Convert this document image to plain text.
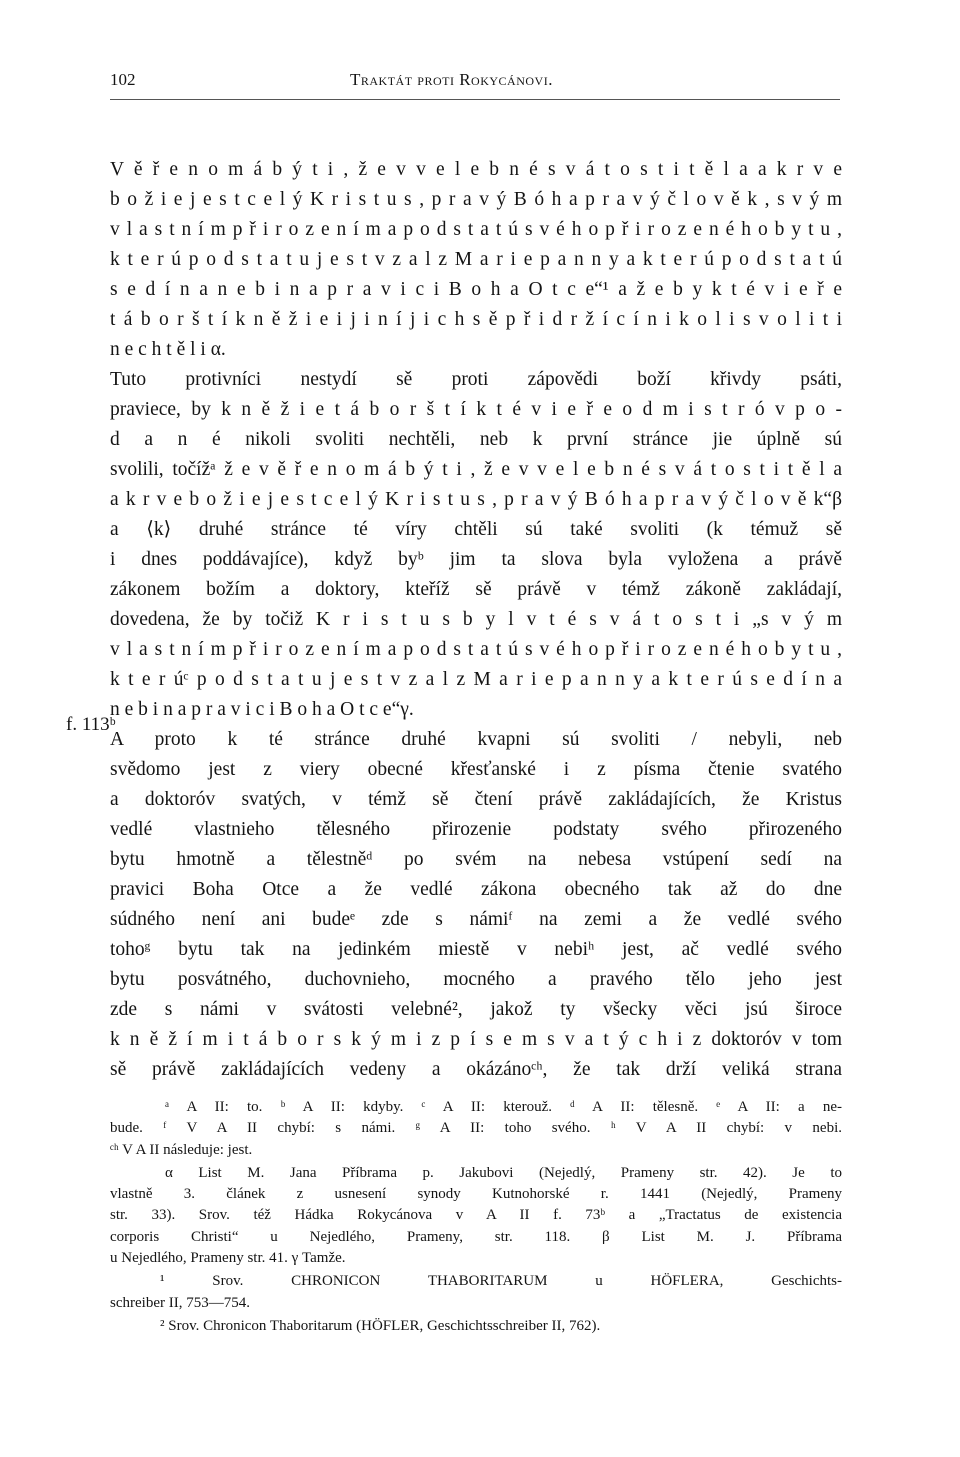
102	Traktát proti Rokycánovi.
f. 113ᵇ
V ě ř e n o m á b ý t i , ž e v v e l e b n é s v á t o s t i t ě l a a k r v e
b o ž i e j e s t c e l ý K r i s t u s , p r a v ý B ó h a p r a v ý č l o v ě k , s v ý m
v l a s t n í m p ř i r o z e n í m a p o d s t a t ú s v é h o p ř i r o z e n é h o b y t u ,
k t e r ú p o d s t a t u j e s t v z a l z M a r i e p a n n y a k t e r ú p o d s t a t ú
s e d í n a n e b i n a p r a v i c i B o h a O t c e“¹ a ž e b y k t é v i e ř e
t á b o r š t í k n ě ž i e i j i n í j i c h s ě p ř i d r ž í c í n i k o l i s v o l i t i
n e c h t ě l i α.
Tuto protivníci nestydí sě proti zápovědi boží křivdy psáti,
praviece, by k n ě ž i e t á b o r š t í k t é v i e ř e o d m i s t r ó v p o -
d a n é nikoli svoliti nechtěli, neb k první stránce jie úplně sú
svolili, točížᵃ ž e v ě ř e n o m á b ý t i , ž e v v e l e b n é s v á t o s t i t ě l a
a k r v e b o ž i e j e s t c e l ý K r i s t u s , p r a v ý B ó h a p r a v ý č l o v ě k“β
a ⟨k⟩ druhé stránce té víry chtěli sú také svoliti (k témuž sě
i dnes poddávajíce), když byᵇ jim ta slova byla vyložena a právě
zákonem božím a doktory, kteříž sě právě v témž zákoně zakládají,
dovedena, že by točiž K r i s t u s b y l v t é s v á t o s t i „s v ý m
v l a s t n í m p ř i r o z e n í m a p o d s t a t ú s v é h o p ř i r o z e n é h o b y t u ,
k t e r úᶜ p o d s t a t u j e s t v z a l z M a r i e p a n n y a k t e r ú s e d í n a
n e b i n a p r a v i c i B o h a O t c e“γ.
A proto k té stránce druhé kvapni sú svoliti / nebyli, neb
svědomo jest z viery obecné křesťanské i z písma čtenie svatého
a doktoróv svatých, v témž sě čtení právě zakládajících, že Kristus
vedlé vlastnieho tělesného přirozenie podstaty svého přirozeného
bytu hmotně a tělestněᵈ po svém na nebesa vstúpení sedí na
pravici Boha Otce a že vedlé zákona obecného tak až do dne
súdného není ani budeᵉ zde s námiᶠ na zemi a že vedlé svého
tohoᵍ bytu tak na jedinkém miestě v nebiʰ jest, ač vedlé svého
bytu posvátného, duchovnieho, mocného a pravého tělo jeho jest
zde s námi v svátosti velebné², jakož ty všecky věci jsú široce
k n ě ž í m i t á b o r s k ý m i z p í s e m s v a t ý c h i z doktoróv v tom
sě právě zakládajících vedeny a okázánoᶜʰ, že tak drží veliká strana
ᵃ A II: to. ᵇ A II: kdyby. ᶜ A II: kterouž. ᵈ A II: tělesně. ᵉ A II: a ne-
bude. ᶠ V A II chybí: s námi. ᵍ A II: toho svého. ʰ V A II chybí: v nebi.
ᶜʰ V A II následuje: jest.
α List M. Jana Příbrama p. Jakubovi (Nejedlý, Prameny str. 42). Je to
vlastně 3. článek z usnesení synody Kutnohorské r. 1441 (Nejedlý, Prameny
str. 33). Srov. též Hádka Rokycánova v A II f. 73ᵇ a „Tractatus de existencia
corporis Christi“ u Nejedlého, Prameny, str. 118. β List M. J. Příbrama
u Nejedlého, Prameny str. 41. γ Tamže.
¹ Srov. CHRONICON THABORITARUM u HÖFLERA, Geschichts-
schreiber II, 753—754.
² Srov. Chronicon Thaboritarum (HÖFLER, Geschichtsschreiber II, 762).
